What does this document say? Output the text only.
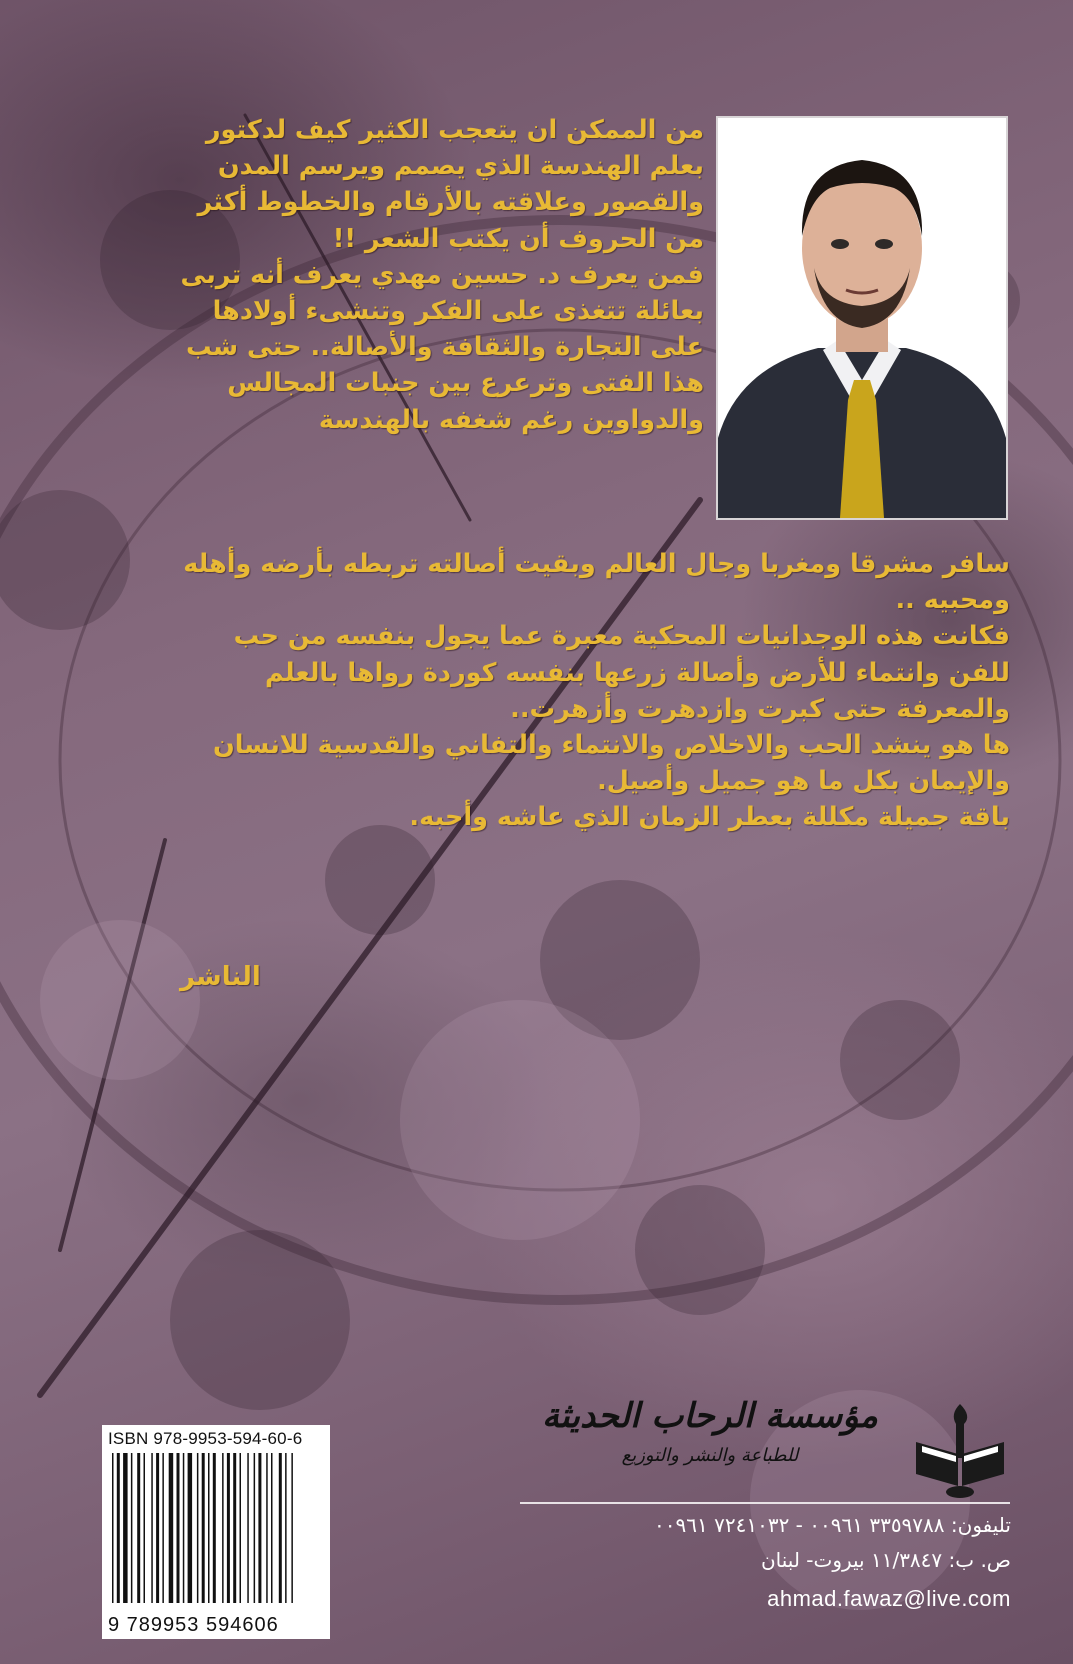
من الممكن ان يتعجب الكثير كيف لدكتور

بعلم الهندسة الذي يصمم ويرسم المدن

والقصور وعلاقته بالأرقام والخطوط أكثر

من الحروف أن يكتب الشعر !!

فمن يعرف د. حسين مهدي يعرف أنه تربى

بعائلة تتغذى على الفكر وتنشىء أولادها

على التجارة والثقافة والأصالة.. حتى شب

هذا الفتى وترعرع بين جنبات المجالس

والدواوين رغم شغفه بالهندسة

سافر مشرقا ومغربا وجال العالم وبقيت أصالته تربطه بأرضه وأهله

ومحبيه ..

فكانت هذه الوجدانيات المحكية معبرة عما يجول بنفسه من حب

للفن وانتماء للأرض وأصالة زرعها بنفسه كوردة رواها بالعلم

والمعرفة حتى كبرت وازدهرت وأزهرت..

ها هو ينشد الحب والاخلاص والانتماء والتفاني والقدسية للانسان

والإيمان بكل ما هو جميل وأصيل.

باقة جميلة مكللة بعطر الزمان الذي عاشه وأحبه.

الناشر
ISBN 978-9953-594-60-6
9 789953 594606
مؤسسة الرحاب الحديثة
للطباعة والنشر والتوزيع
تليفون: ٣٣٥٩٧٨٨ ٠٠٩٦١ - ٧٢٤١٠٣٢ ٠٠٩٦١
ص. ب: ١١/٣٨٤٧ بيروت- لبنان
ahmad.fawaz@live.com
